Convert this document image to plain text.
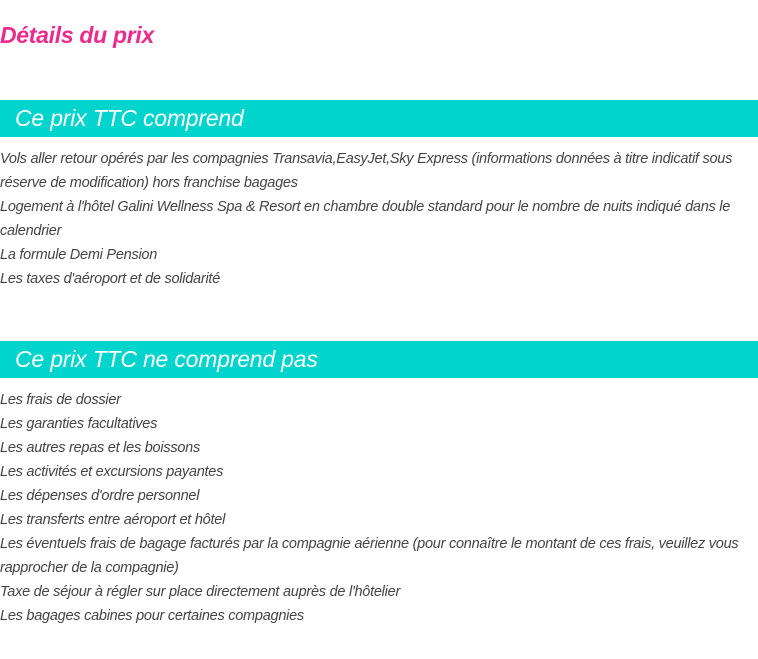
Détails du prix
Ce prix TTC comprend
Vols aller retour opérés par les compagnies Transavia,EasyJet,Sky Express (informations données à titre indicatif sous réserve de modification) hors franchise bagages
Logement à l'hôtel Galini Wellness Spa & Resort en chambre double standard pour le nombre de nuits indiqué dans le calendrier
La formule Demi Pension
Les taxes d'aéroport et de solidarité
Ce prix TTC ne comprend pas
Les frais de dossier
Les garanties facultatives
Les autres repas et les boissons
Les activités et excursions payantes
Les dépenses d'ordre personnel
Les transferts entre aéroport et hôtel
Les éventuels frais de bagage facturés par la compagnie aérienne (pour connaître le montant de ces frais, veuillez vous rapprocher de la compagnie)
Taxe de séjour à régler sur place directement auprès de l'hôtelier
Les bagages cabines pour certaines compagnies
